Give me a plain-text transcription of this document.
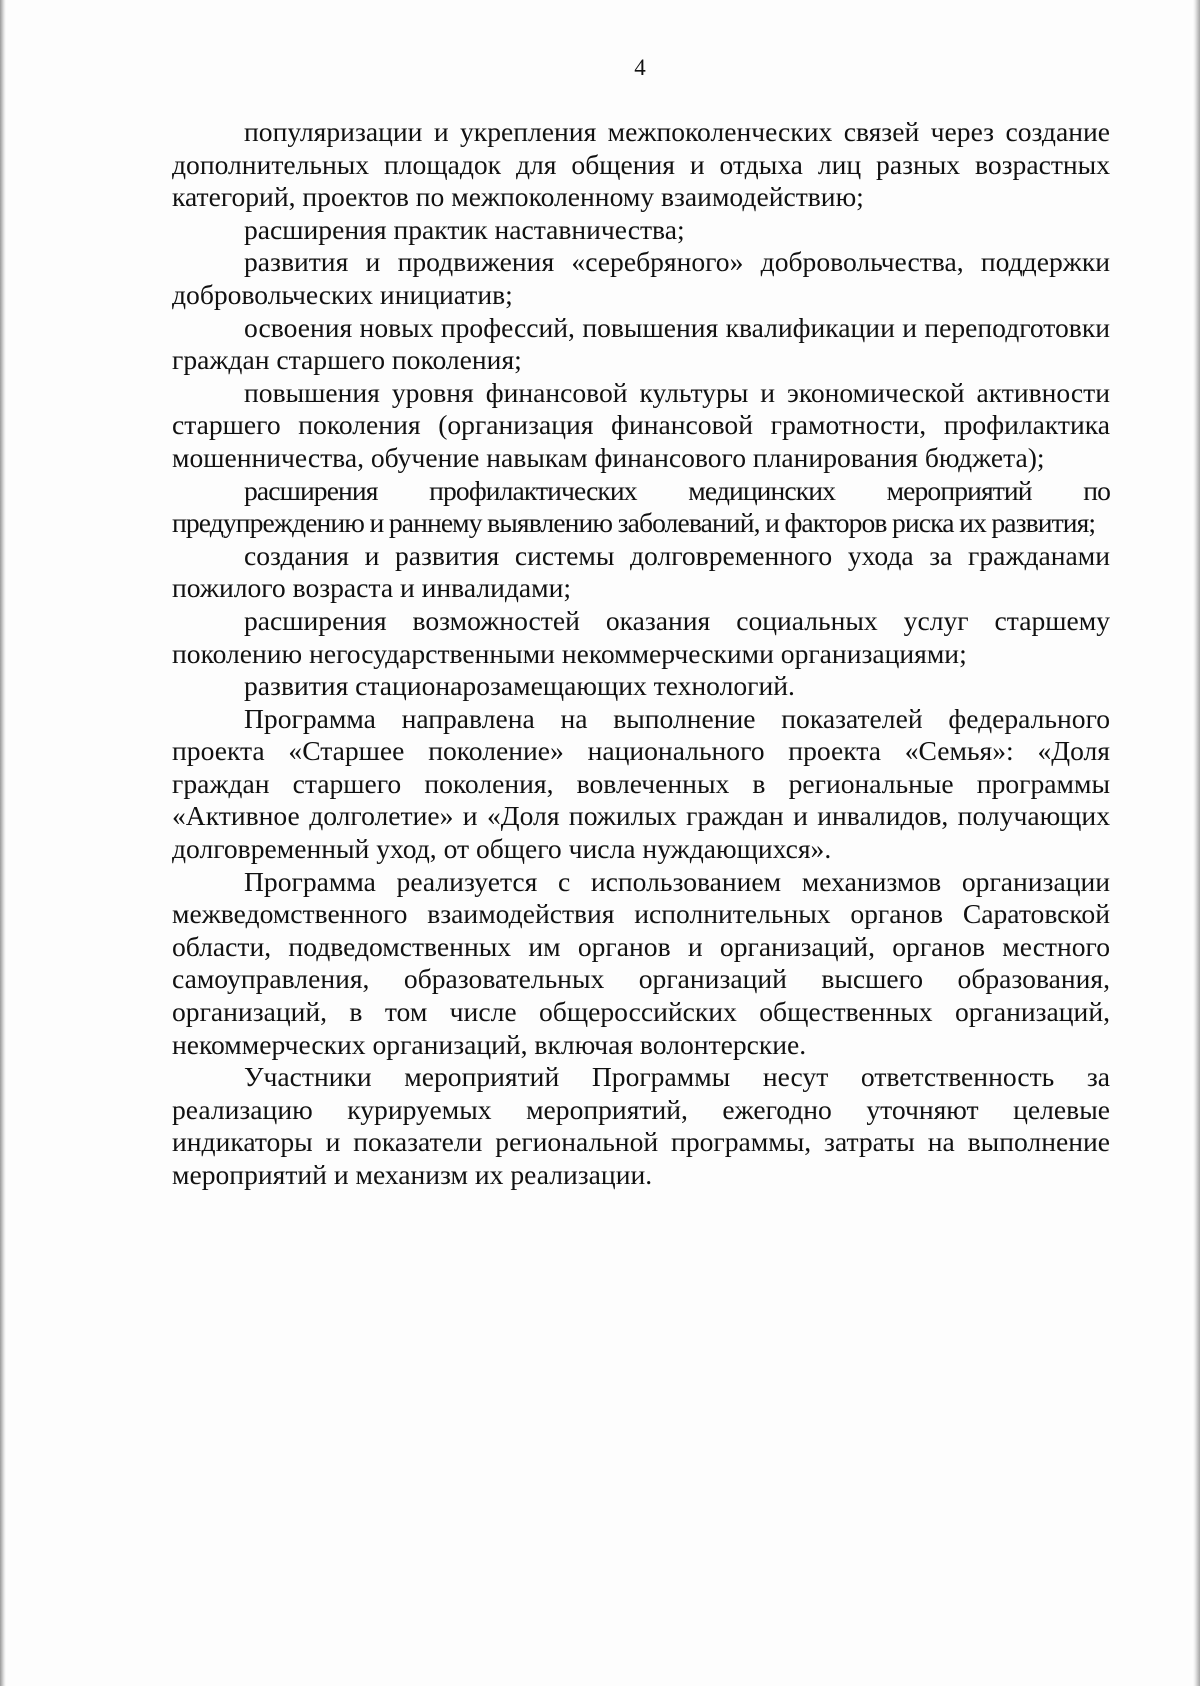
4

популяризации и укрепления межпоколенческих связей через создание дополнительных площадок для общения и отдыха лиц разных возрастных категорий, проектов по межпоколенному взаимодействию;

расширения практик наставничества;

развития и продвижения «серебряного» добровольчества, поддержки добровольческих инициатив;

освоения новых профессий, повышения квалификации и переподготовки граждан старшего поколения;

повышения уровня финансовой культуры и экономической активности старшего поколения (организация финансовой грамотности, профилактика мошенничества, обучение навыкам финансового планирования бюджета);

расширения профилактических медицинских мероприятий по предупреждению и раннему выявлению заболеваний, и факторов риска их развития;

создания и развития системы долговременного ухода за гражданами пожилого возраста и инвалидами;

расширения возможностей оказания социальных услуг старшему поколению негосударственными некоммерческими организациями;

развития стационарозамещающих технологий.

Программа направлена на выполнение показателей федерального проекта «Старшее поколение» национального проекта «Семья»: «Доля граждан старшего поколения, вовлеченных в региональные программы «Активное долголетие» и «Доля пожилых граждан и инвалидов, получающих долговременный уход, от общего числа нуждающихся».

Программа реализуется с использованием механизмов организации межведомственного взаимодействия исполнительных органов Саратовской области, подведомственных им органов и организаций, органов местного самоуправления, образовательных организаций высшего образования, организаций, в том числе общероссийских общественных организаций, некоммерческих организаций, включая волонтерские.

Участники мероприятий Программы несут ответственность за реализацию курируемых мероприятий, ежегодно уточняют целевые индикаторы и показатели региональной программы, затраты на выполнение мероприятий и механизм их реализации.
